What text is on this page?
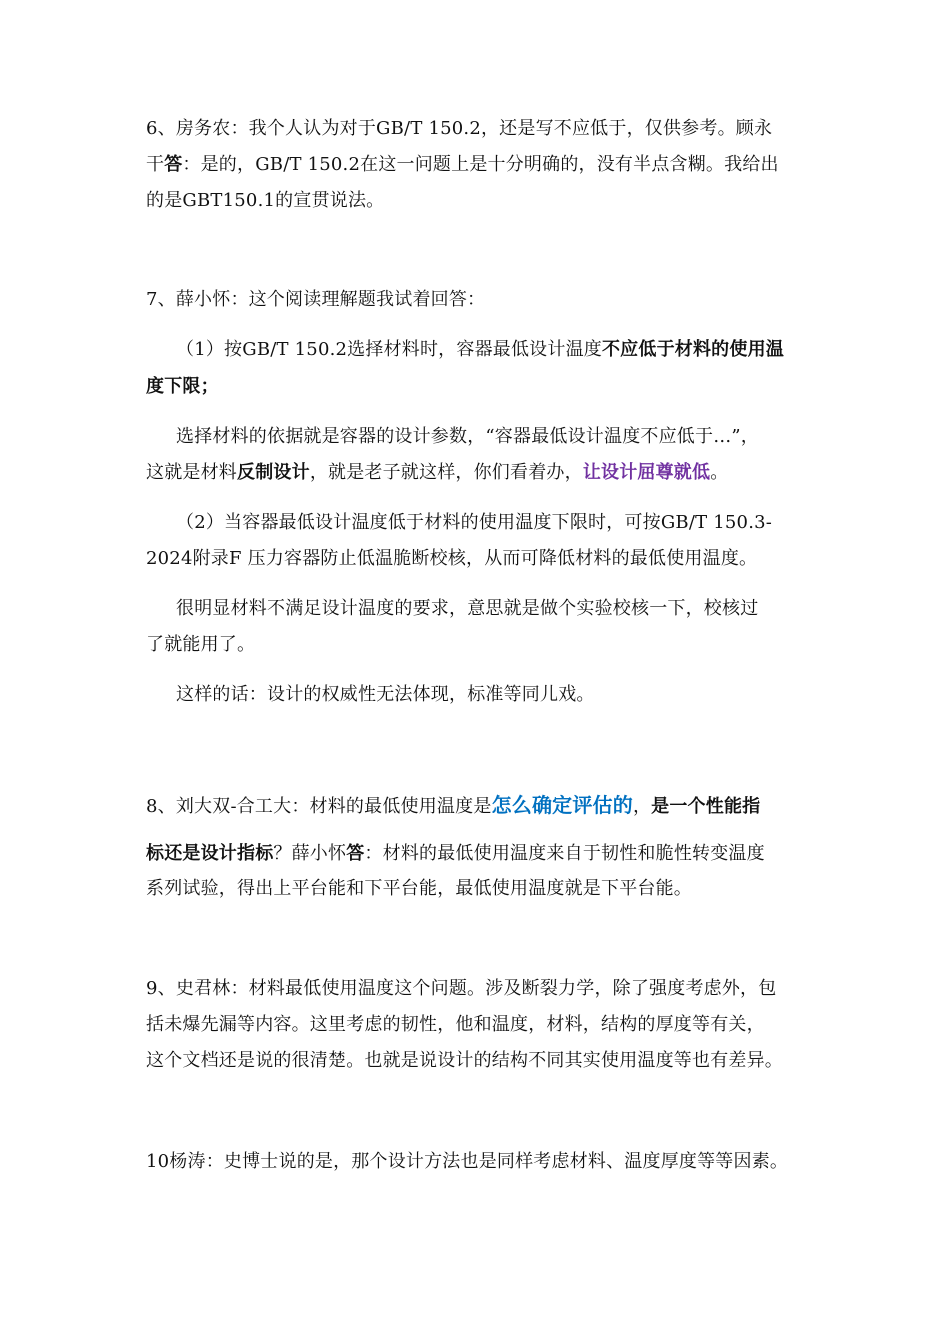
6、房务农：我个人认为对于GB/T 150.2，还是写不应低于，仅供参考。顾永
干答：是的，GB/T 150.2在这一问题上是十分明确的，没有半点含糊。我给出
的是GBT150.1的宣贯说法。
7、薛小怀：这个阅读理解题我试着回答：
（1）按GB/T 150.2选择材料时，容器最低设计温度不应低于材料的使用温
度下限；
选择材料的依据就是容器的设计参数，“容器最低设计温度不应低于…”，
这就是材料反制设计，就是老子就这样，你们看着办，让设计屈尊就低。
（2）当容器最低设计温度低于材料的使用温度下限时，可按GB/T 150.3-
2024附录F 压力容器防止低温脆断校核，从而可降低材料的最低使用温度。
很明显材料不满足设计温度的要求，意思就是做个实验校核一下，校核过
了就能用了。
这样的话：设计的权威性无法体现，标准等同儿戏。
8、刘大双-合工大：材料的最低使用温度是怎么确定评估的，是一个性能指
标还是设计指标？薛小怀答：材料的最低使用温度来自于韧性和脆性转变温度
系列试验，得出上平台能和下平台能，最低使用温度就是下平台能。
9、史君林：材料最低使用温度这个问题。涉及断裂力学，除了强度考虑外，包
括未爆先漏等内容。这里考虑的韧性，他和温度，材料，结构的厚度等有关，
这个文档还是说的很清楚。也就是说设计的结构不同其实使用温度等也有差异。
10杨涛：史博士说的是，那个设计方法也是同样考虑材料、温度厚度等等因素。
